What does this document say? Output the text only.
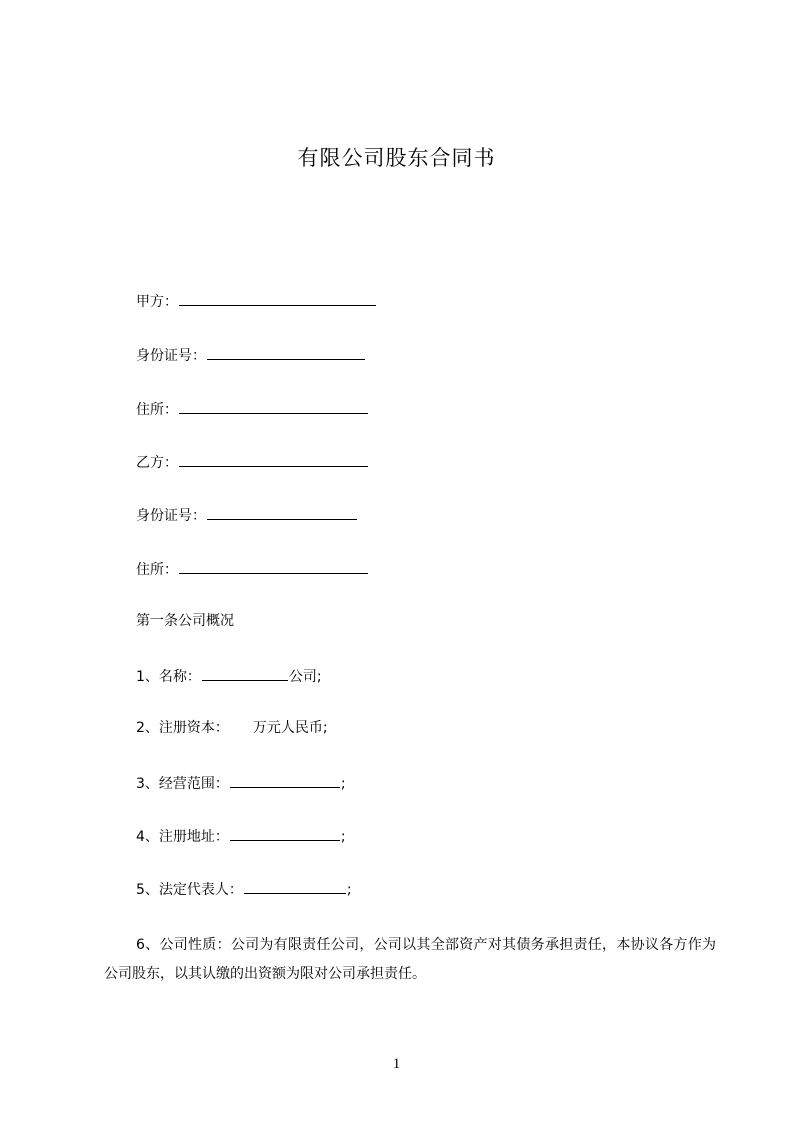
有限公司股东合同书
甲方：
身份证号：
住所：
乙方：
身份证号：
住所：
第一条公司概况
1、名称：	公司;
2、注册资本： 万元人民币;
3、经营范围：	;
4、注册地址：	;
5、法定代表人：	;

6、公司性质：公司为有限责任公司，公司以其全部资产对其债务承担责任，本协议各方作为公司股东，以其认缴的出资额为限对公司承担责任。

1
